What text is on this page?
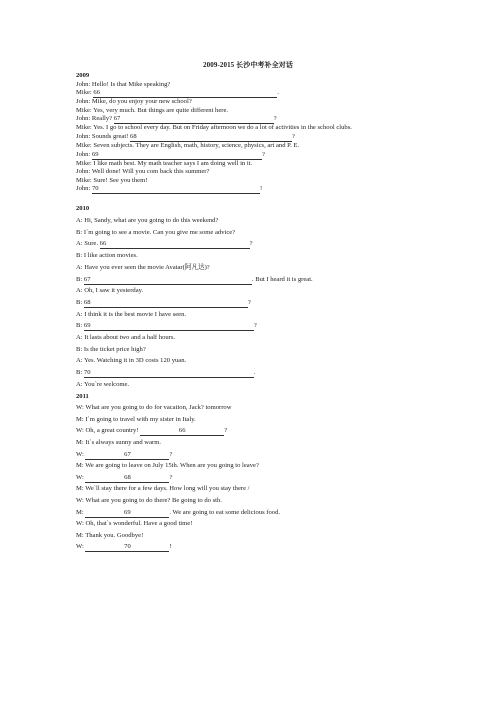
2009-2015 长沙中考补全对话
2009
John: Hello! Is that Mike speaking?
Mike: 66	.
John: Mike, do you enjoy your new school?
Mike: Yes, very much. But things are quite different here.
John: Really? 67	?
Mike: Yes. I go to school every day. But on Friday afternoon we do a lot of activities in the school clubs.
John: Sounds great! 68	?
Mike: Seven subjects. They are English, math, history, science, physics, art and P. E.
John: 69	?
Mike: I like math best. My math teacher says I am doing well in it.
John: Well done! Will you com back this summer?
Mike: Sure! See you them!
John: 70	!
2010
A: Hi, Sandy, what are you going to do this weekend?
B: I`m going to see a movie. Can you give me some advice?
A: Sure. 66	?
B: I like action movies.
A: Have you ever seen the movie Avatar(阿凡达)?
B: 67	. But I heard it is great.
A: Oh, I saw it yesterday.
B: 68	?
A: I think it is the best movie I have seen.
B: 69	?
A: It lasts about two and a half hours.
B: Is the ticket price high?
A: Yes. Watching it in 3D costs 120 yuan.
B: 70	.
A: You`re welcome.
2011
W: What are you going to do for vacation, Jack? tomorrow
M: I`m going to travel with my sister in Italy.
W: Oh, a great country!	66	?
M: It`s always sunny and warm.
W:	67	?
M: We are going to leave on July 15th. When are you going to leave?
W:	68	?
M: We`ll stay there for a few days. How long will you stay there /
W: What are you going to do there? Be going to do sth.
M:	69	. We are going to eat some delicious food.
W: Oh, that`s wonderful. Have a good time!
M: Thank you. Goodbye!
W:	70	!
